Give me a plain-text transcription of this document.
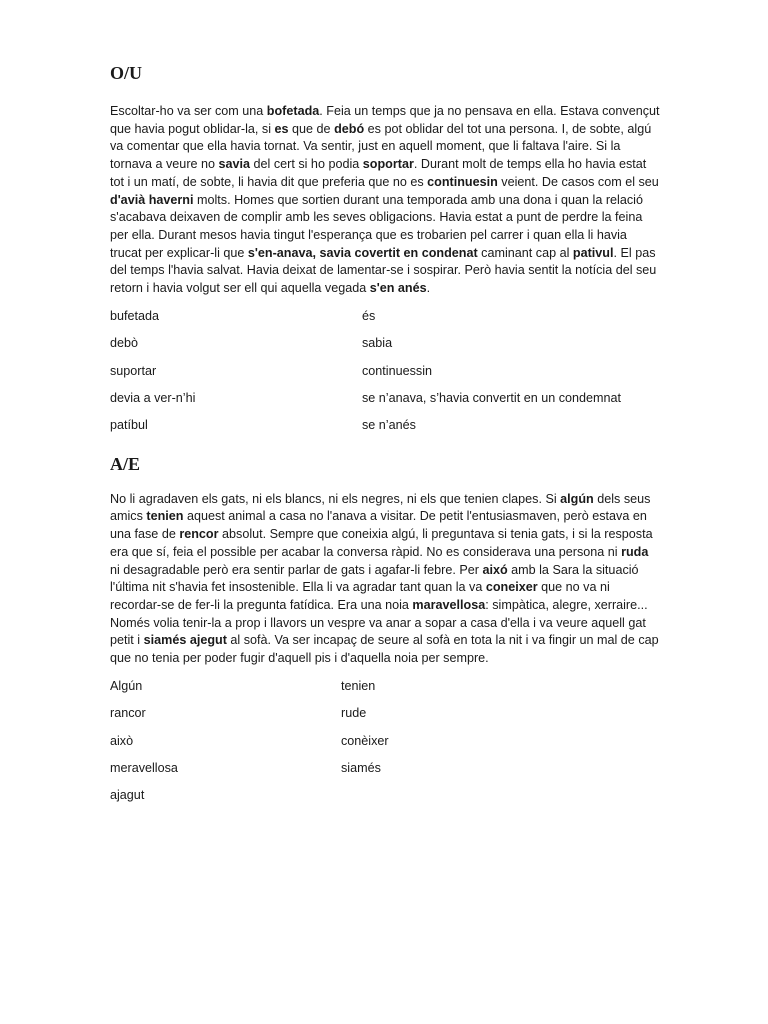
O/U

Escoltar-ho va ser com una bofetada. Feia un temps que ja no pensava en ella. Estava convençut que havia pogut oblidar-la, si es que de debó es pot oblidar del tot una persona. I, de sobte, algú va comentar que ella havia tornat. Va sentir, just en aquell moment, que li faltava l'aire. Si la tornava a veure no savia del cert si ho podia soportar. Durant molt de temps ella ho havia estat tot i un matí, de sobte, li havia dit que preferia que no es continuesin veient. De casos com el seu d'avià haverni molts. Homes que sortien durant una temporada amb una dona i quan la relació s'acabava deixaven de complir amb les seves obligacions. Havia estat a punt de perdre la feina per ella. Durant mesos havia tingut l'esperança que es trobarien pel carrer i quan ella li havia trucat per explicar-li que s'en-anava, savia covertit en condenat caminant cap al pativul. El pas del temps l'havia salvat. Havia deixat de lamentar-se i sospirar. Però havia sentit la notícia del seu retorn i havia volgut ser ell qui aquella vegada s'en anés.

bufetada	és
debò	sabia
suportar	continuessin
devia a ver-n’hi	se n’anava, s’havia convertit en un condemnat
patíbul	se n’anés
A/E

No li agradaven els gats, ni els blancs, ni els negres, ni els que tenien clapes. Si algún dels seus amics tenien aquest animal a casa no l'anava a visitar. De petit l'entusiasmaven, però estava en una fase de rencor absolut. Sempre que coneixia algú, li preguntava si tenia gats, i si la resposta era que sí, feia el possible per acabar la conversa ràpid. No es considerava una persona ni ruda ni desagradable però era sentir parlar de gats i agafar-li febre. Per aixó amb la Sara la situació l'última nit s'havia fet insostenible. Ella li va agradar tant quan la va coneixer que no va ni recordar-se de fer-li la pregunta fatídica. Era una noia maravellosa: simpàtica, alegre, xerraire... Només volia tenir-la a prop i llavors un vespre va anar a sopar a casa d'ella i va veure aquell gat petit i siamés ajegut al sofà. Va ser incapaç de seure al sofà en tota la nit i va fingir un mal de cap que no tenia per poder fugir d'aquell pis i d'aquella noia per sempre.

Algún	tenien
rancor	rude
això	conèixer
meravellosa	siamés
ajagut
